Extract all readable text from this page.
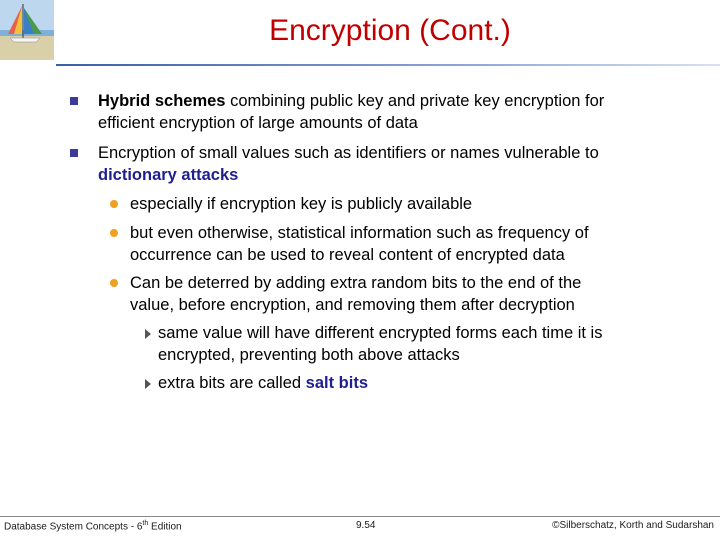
Encryption (Cont.)
Hybrid schemes combining public key and private key encryption for
efficient encryption of large amounts of data
Encryption of small values such as identifiers or names vulnerable to
dictionary attacks
especially if encryption key is publicly available
but even otherwise, statistical information such as frequency of
occurrence can be used to reveal content of encrypted data
Can be deterred by adding extra random bits to the end of the
value, before encryption, and removing them after decryption
same value will have different encrypted forms each time it is
encrypted, preventing both above attacks
extra bits are called salt bits
Database System Concepts - 6th Edition	9.54	©Silberschatz, Korth and Sudarshan
